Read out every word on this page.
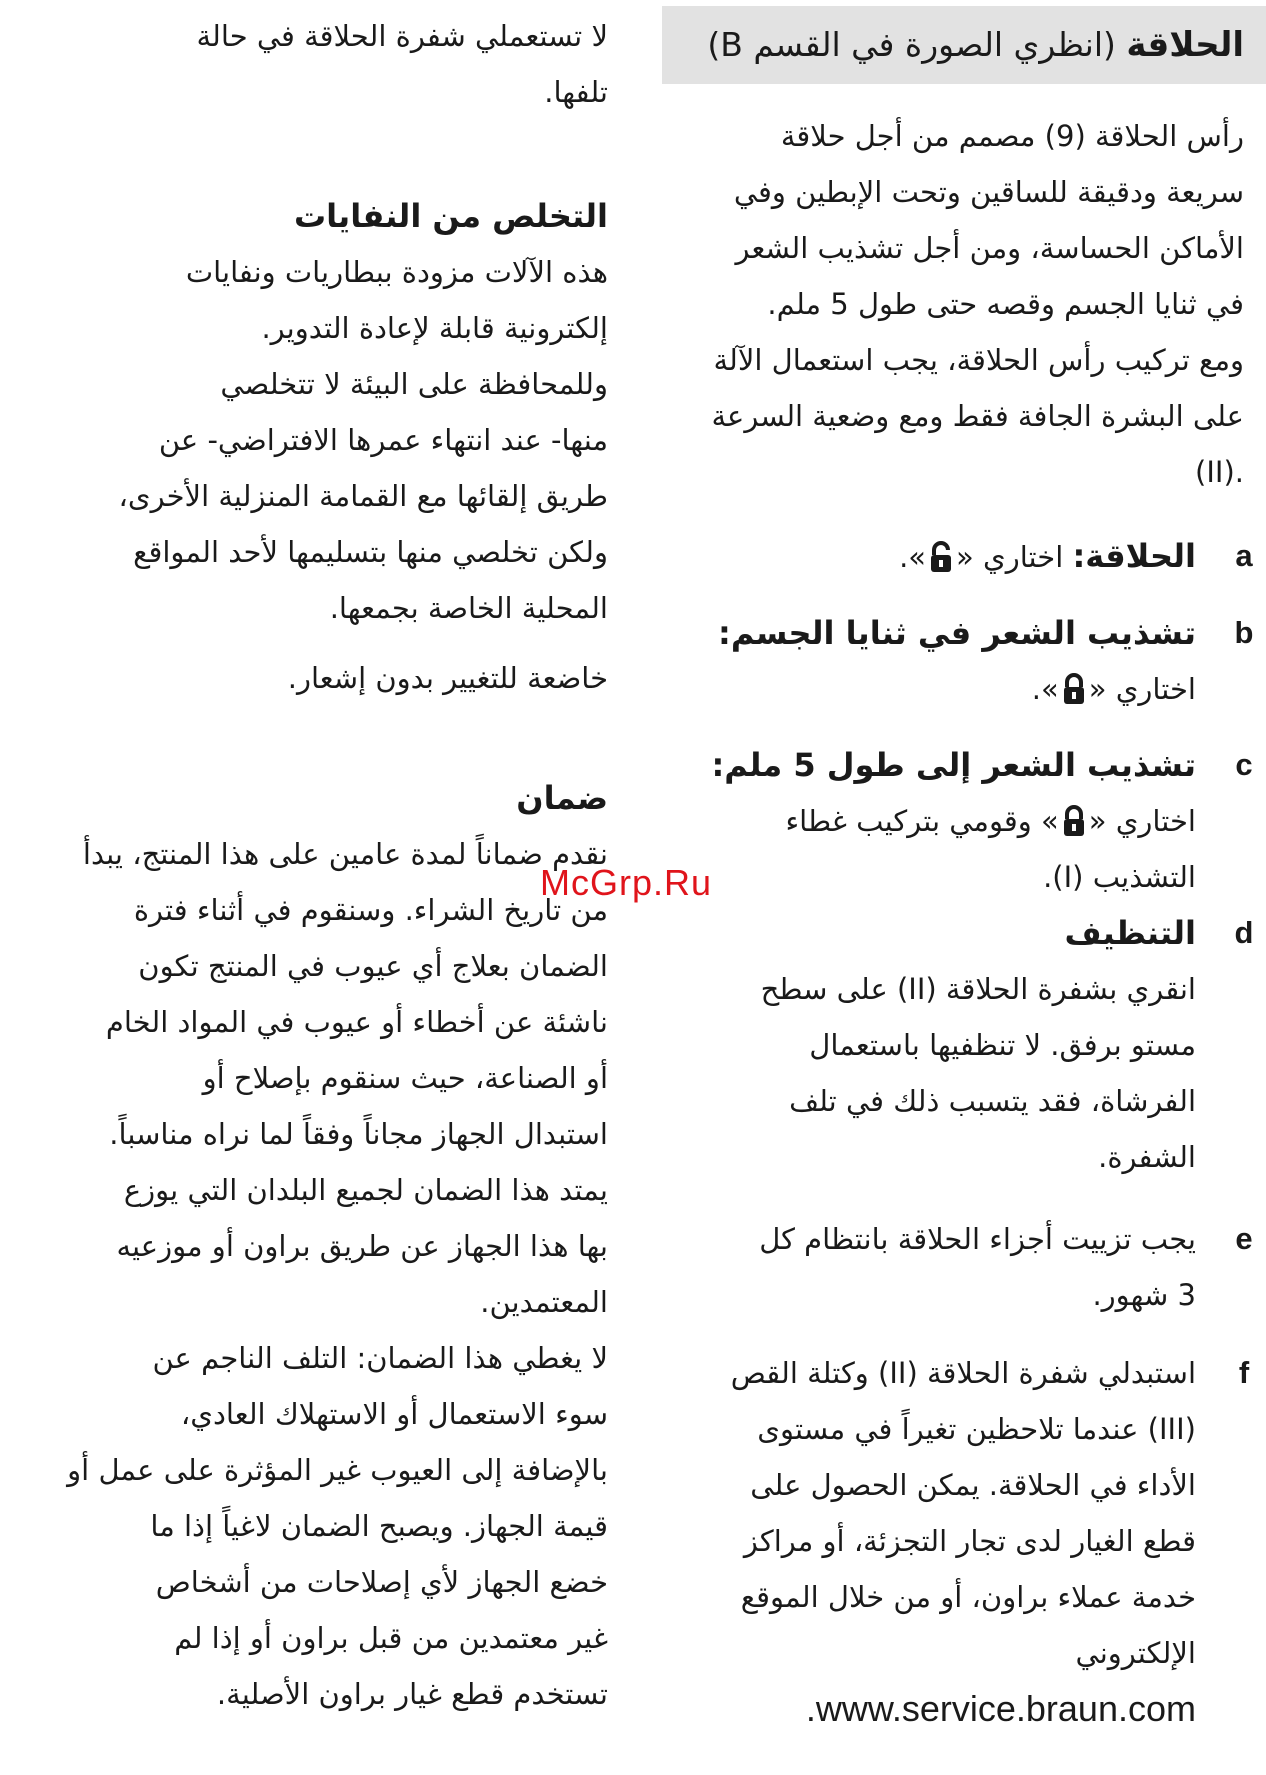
الحلاقة (انظري الصورة في القسم B)
رأس الحلاقة (9) مصمم من أجل حلاقة
سريعة ودقيقة للساقين وتحت الإبطين وفي
الأماكن الحساسة، ومن أجل تشذيب الشعر
في ثنايا الجسم وقصه حتى طول 5 ملم.
ومع تركيب رأس الحلاقة، يجب استعمال الآلة
على البشرة الجافة فقط ومع وضعية السرعة
.(II)
a
الحلاقة: اختاري «».
b
تشذيب الشعر في ثنايا الجسم:
اختاري «».
c
تشذيب الشعر إلى طول 5 ملم:
اختاري «» وقومي بتركيب غطاء
التشذيب (I).
d
التنظيف
انقري بشفرة الحلاقة (II) على سطح
مستو برفق. لا تنظفيها باستعمال
الفرشاة، فقد يتسبب ذلك في تلف
الشفرة.
e
يجب تزييت أجزاء الحلاقة بانتظام كل
3 شهور.
f
استبدلي شفرة الحلاقة (II) وكتلة القص
(III) عندما تلاحظين تغيراً في مستوى
الأداء في الحلاقة. يمكن الحصول على
قطع الغيار لدى تجار التجزئة، أو مراكز
خدمة عملاء براون، أو من خلال الموقع
الإلكتروني
www.service.braun.com.
لا تستعملي شفرة الحلاقة في حالة
تلفها.
التخلص من النفايات
هذه الآلات مزودة ببطاريات ونفايات
إلكترونية قابلة لإعادة التدوير.
وللمحافظة على البيئة لا تتخلصي
منها- عند انتهاء عمرها الافتراضي- عن
طريق إلقائها مع القمامة المنزلية الأخرى،
ولكن تخلصي منها بتسليمها لأحد المواقع
المحلية الخاصة بجمعها.
خاضعة للتغيير بدون إشعار.
ضمان
نقدم ضماناً لمدة عامين على هذا المنتج، يبدأ
من تاريخ الشراء. وسنقوم في أثناء فترة
الضمان بعلاج أي عيوب في المنتج تكون
ناشئة عن أخطاء أو عيوب في المواد الخام
أو الصناعة، حيث سنقوم بإصلاح أو
استبدال الجهاز مجاناً وفقاً لما نراه مناسباً.
يمتد هذا الضمان لجميع البلدان التي يوزع
بها هذا الجهاز عن طريق براون أو موزعيه
المعتمدين.
لا يغطي هذا الضمان: التلف الناجم عن
سوء الاستعمال أو الاستهلاك العادي،
بالإضافة إلى العيوب غير المؤثرة على عمل أو
قيمة الجهاز. ويصبح الضمان لاغياً إذا ما
خضع الجهاز لأي إصلاحات من أشخاص
غير معتمدين من قبل براون أو إذا لم
تستخدم قطع غيار براون الأصلية.
McGrp.Ru
